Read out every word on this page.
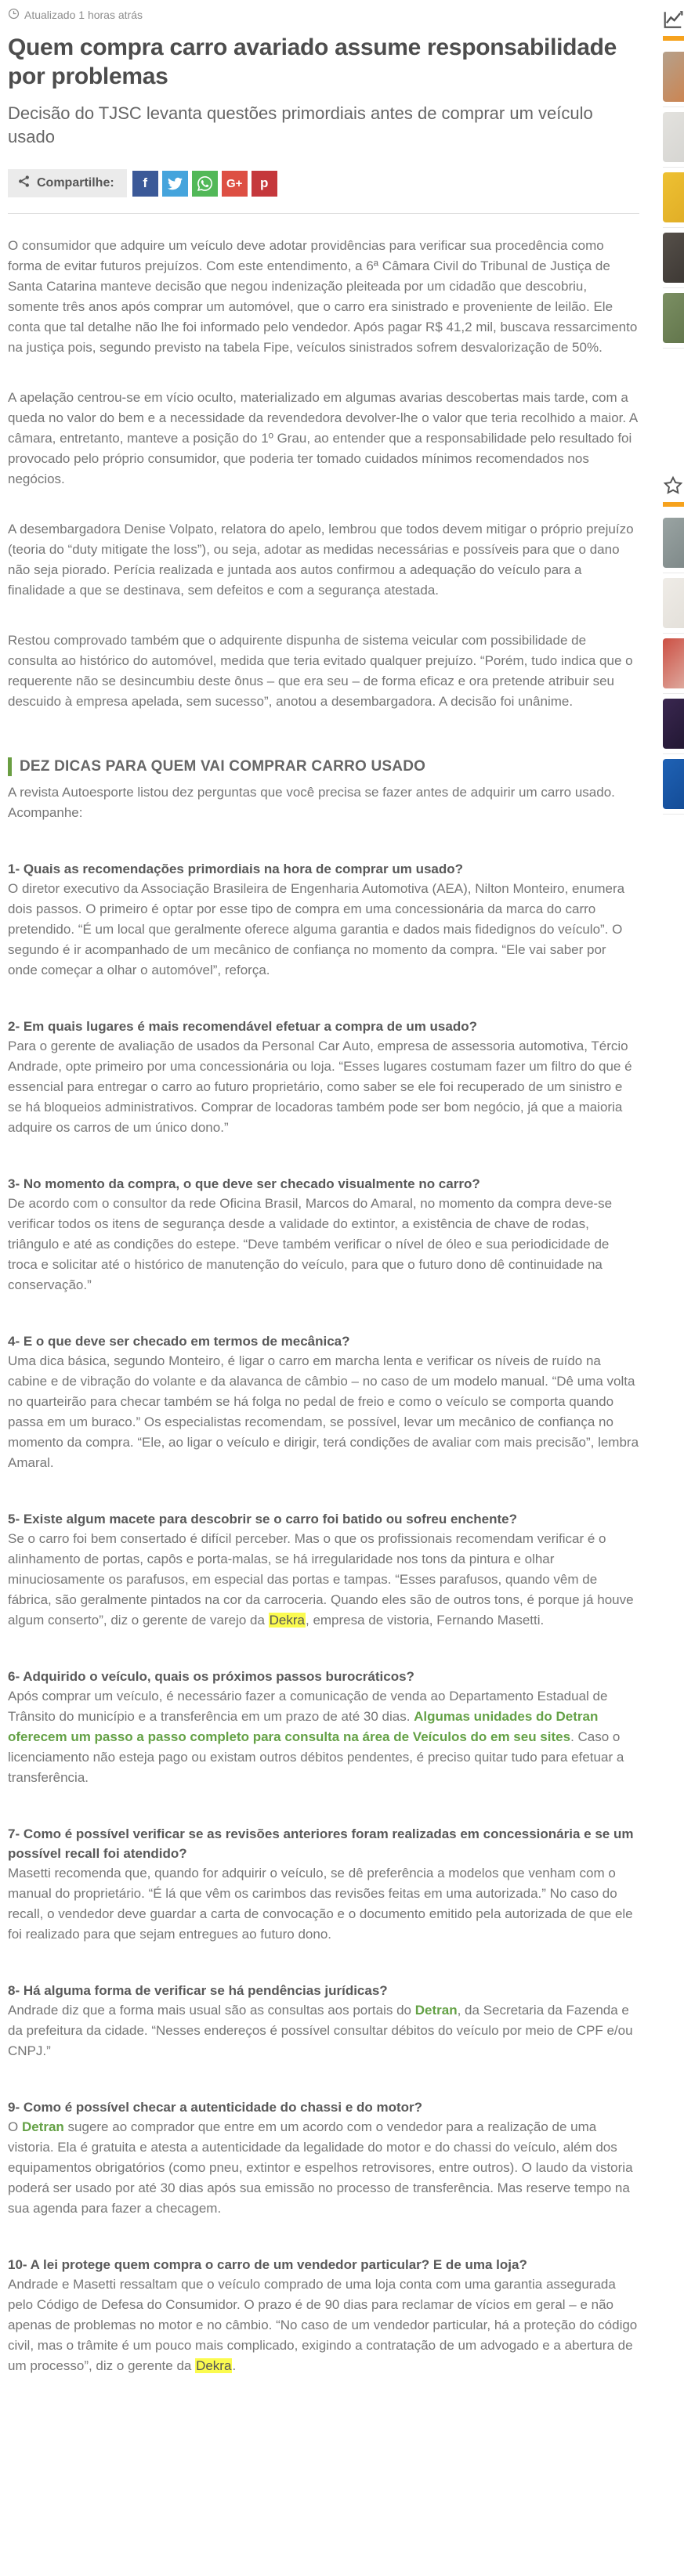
Atualizado 1 horas atrás
Quem compra carro avariado assume responsabilidade por problemas
Decisão do TJSC levanta questões primordiais antes de comprar um veículo usado
Compartilhe: f	G+ p

O consumidor que adquire um veículo deve adotar providências para verificar sua procedência como forma de evitar futuros prejuízos. Com este entendimento, a 6ª Câmara Civil do Tribunal de Justiça de Santa Catarina manteve decisão que negou indenização pleiteada por um cidadão que descobriu, somente três anos após comprar um automóvel, que o carro era sinistrado e proveniente de leilão. Ele conta que tal detalhe não lhe foi informado pelo vendedor. Após pagar R$ 41,2 mil, buscava ressarcimento na justiça pois, segundo previsto na tabela Fipe, veículos sinistrados sofrem desvalorização de 50%.

A apelação centrou-se em vício oculto, materializado em algumas avarias descobertas mais tarde, com a queda no valor do bem e a necessidade da revendedora devolver-lhe o valor que teria recolhido a maior. A câmara, entretanto, manteve a posição do 1º Grau, ao entender que a responsabilidade pelo resultado foi provocado pelo próprio consumidor, que poderia ter tomado cuidados mínimos recomendados nos negócios.

A desembargadora Denise Volpato, relatora do apelo, lembrou que todos devem mitigar o próprio prejuízo (teoria do “duty mitigate the loss”), ou seja, adotar as medidas necessárias e possíveis para que o dano não seja piorado. Perícia realizada e juntada aos autos confirmou a adequação do veículo para a finalidade a que se destinava, sem defeitos e com a segurança atestada.

Restou comprovado também que o adquirente dispunha de sistema veicular com possibilidade de consulta ao histórico do automóvel, medida que teria evitado qualquer prejuízo. “Porém, tudo indica que o requerente não se desincumbiu deste ônus – que era seu – de forma eficaz e ora pretende atribuir seu descuido à empresa apelada, sem sucesso”, anotou a desembargadora. A decisão foi unânime.

DEZ DICAS PARA QUEM VAI COMPRAR CARRO USADO

A revista Autoesporte listou dez perguntas que você precisa se fazer antes de adquirir um carro usado. Acompanhe:

1- Quais as recomendações primordiais na hora de comprar um usado?

O diretor executivo da Associação Brasileira de Engenharia Automotiva (AEA), Nilton Monteiro, enumera dois passos. O primeiro é optar por esse tipo de compra em uma concessionária da marca do carro pretendido. “É um local que geralmente oferece alguma garantia e dados mais fidedignos do veículo”. O segundo é ir acompanhado de um mecânico de confiança no momento da compra. “Ele vai saber por onde começar a olhar o automóvel”, reforça.

2- Em quais lugares é mais recomendável efetuar a compra de um usado?

Para o gerente de avaliação de usados da Personal Car Auto, empresa de assessoria automotiva, Tércio Andrade, opte primeiro por uma concessionária ou loja. “Esses lugares costumam fazer um filtro do que é essencial para entregar o carro ao futuro proprietário, como saber se ele foi recuperado de um sinistro e se há bloqueios administrativos. Comprar de locadoras também pode ser bom negócio, já que a maioria adquire os carros de um único dono.”

3- No momento da compra, o que deve ser checado visualmente no carro?

De acordo com o consultor da rede Oficina Brasil, Marcos do Amaral, no momento da compra deve-se verificar todos os itens de segurança desde a validade do extintor, a existência de chave de rodas, triângulo e até as condições do estepe. “Deve também verificar o nível de óleo e sua periodicidade de troca e solicitar até o histórico de manutenção do veículo, para que o futuro dono dê continuidade na conservação.”

4- E o que deve ser checado em termos de mecânica?

Uma dica básica, segundo Monteiro, é ligar o carro em marcha lenta e verificar os níveis de ruído na cabine e de vibração do volante e da alavanca de câmbio – no caso de um modelo manual. “Dê uma volta no quarteirão para checar também se há folga no pedal de freio e como o veículo se comporta quando passa em um buraco.” Os especialistas recomendam, se possível, levar um mecânico de confiança no momento da compra. “Ele, ao ligar o veículo e dirigir, terá condições de avaliar com mais precisão”, lembra Amaral.

5- Existe algum macete para descobrir se o carro foi batido ou sofreu enchente?

Se o carro foi bem consertado é difícil perceber. Mas o que os profissionais recomendam verificar é o alinhamento de portas, capôs e porta-malas, se há irregularidade nos tons da pintura e olhar minuciosamente os parafusos, em especial das portas e tampas. “Esses parafusos, quando vêm de fábrica, são geralmente pintados na cor da carroceria. Quando eles são de outros tons, é porque já houve algum conserto”, diz o gerente de varejo da Dekra, empresa de vistoria, Fernando Masetti.

6- Adquirido o veículo, quais os próximos passos burocráticos?

Após comprar um veículo, é necessário fazer a comunicação de venda ao Departamento Estadual de Trânsito do município e a transferência em um prazo de até 30 dias. Algumas unidades do Detran oferecem um passo a passo completo para consulta na área de Veículos do em seu sites. Caso o licenciamento não esteja pago ou existam outros débitos pendentes, é preciso quitar tudo para efetuar a transferência.

7- Como é possível verificar se as revisões anteriores foram realizadas em concessionária e se um possível recall foi atendido?

Masetti recomenda que, quando for adquirir o veículo, se dê preferência a modelos que venham com o manual do proprietário. “É lá que vêm os carimbos das revisões feitas em uma autorizada.” No caso do recall, o vendedor deve guardar a carta de convocação e o documento emitido pela autorizada de que ele foi realizado para que sejam entregues ao futuro dono.

8- Há alguma forma de verificar se há pendências jurídicas?

Andrade diz que a forma mais usual são as consultas aos portais do Detran, da Secretaria da Fazenda e da prefeitura da cidade. “Nesses endereços é possível consultar débitos do veículo por meio de CPF e/ou CNPJ.”

9- Como é possível checar a autenticidade do chassi e do motor?

O Detran sugere ao comprador que entre em um acordo com o vendedor para a realização de uma vistoria. Ela é gratuita e atesta a autenticidade da legalidade do motor e do chassi do veículo, além dos equipamentos obrigatórios (como pneu, extintor e espelhos retrovisores, entre outros). O laudo da vistoria poderá ser usado por até 30 dias após sua emissão no processo de transferência. Mas reserve tempo na sua agenda para fazer a checagem.

10- A lei protege quem compra o carro de um vendedor particular? E de uma loja?

Andrade e Masetti ressaltam que o veículo comprado de uma loja conta com uma garantia assegurada pelo Código de Defesa do Consumidor. O prazo é de 90 dias para reclamar de vícios em geral – e não apenas de problemas no motor e no câmbio. “No caso de um vendedor particular, há a proteção do código civil, mas o trâmite é um pouco mais complicado, exigindo a contratação de um advogado e a abertura de um processo”, diz o gerente da Dekra.
